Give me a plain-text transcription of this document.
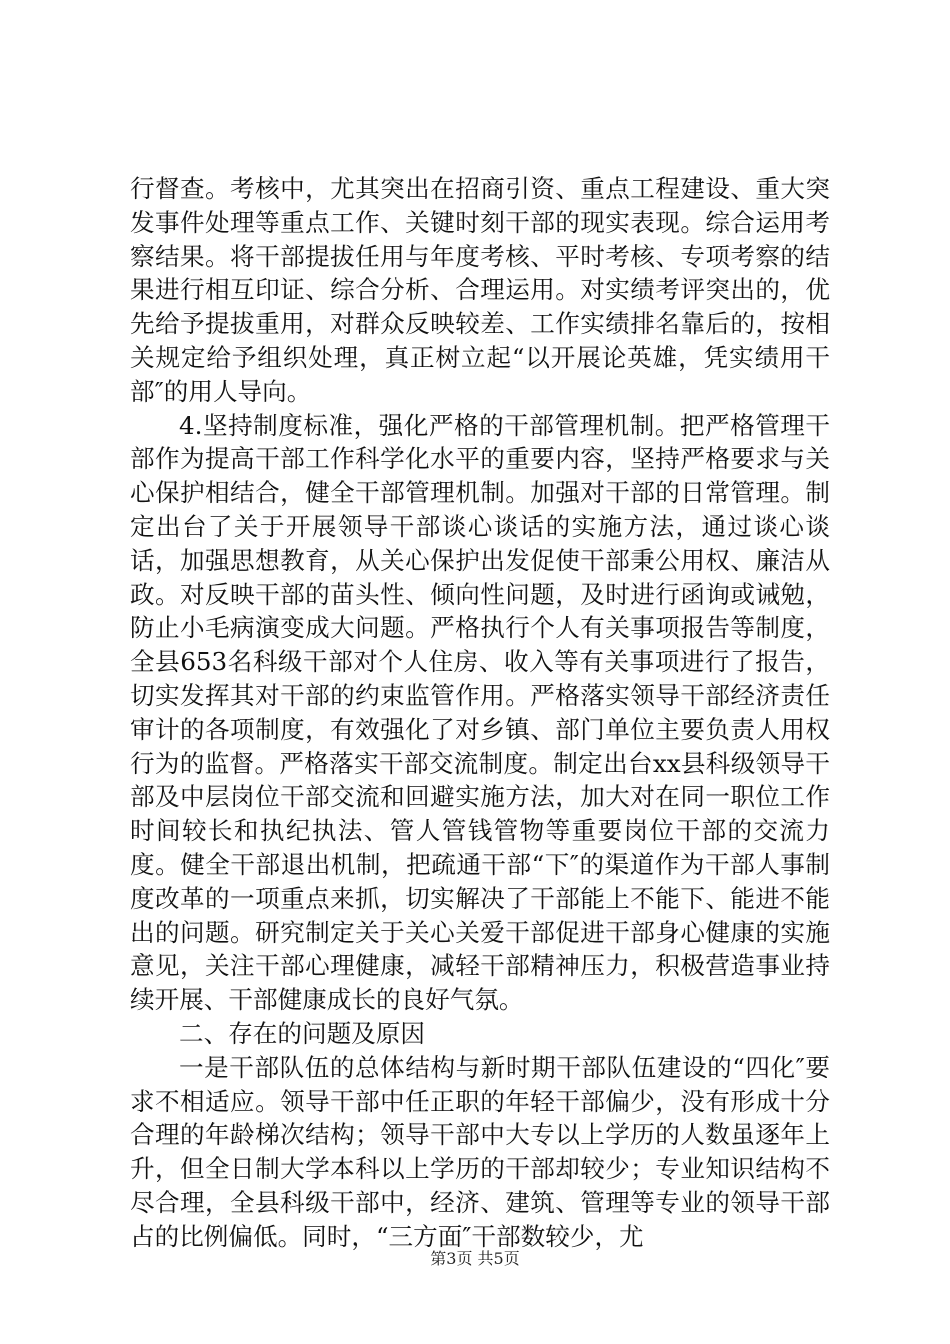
行督查。考核中，尤其突出在招商引资、重点工程建设、重大突发事件处理等重点工作、关键时刻干部的现实表现。综合运用考察结果。将干部提拔任用与年度考核、平时考核、专项考察的结果进行相互印证、综合分析、合理运用。对实绩考评突出的，优先给予提拔重用，对群众反映较差、工作实绩排名靠后的，按相关规定给予组织处理，真正树立起“以开展论英雄，凭实绩用干部″的用人导向。

4.坚持制度标准，强化严格的干部管理机制。把严格管理干部作为提高干部工作科学化水平的重要内容，坚持严格要求与关心保护相结合，健全干部管理机制。加强对干部的日常管理。制定出台了关于开展领导干部谈心谈话的实施方法，通过谈心谈话，加强思想教育，从关心保护出发促使干部秉公用权、廉洁从政。对反映干部的苗头性、倾向性问题，及时进行函询或诫勉，防止小毛病演变成大问题。严格执行个人有关事项报告等制度，全县653名科级干部对个人住房、收入等有关事项进行了报告，切实发挥其对干部的约束监管作用。严格落实领导干部经济责任审计的各项制度，有效强化了对乡镇、部门单位主要负责人用权行为的监督。严格落实干部交流制度。制定出台xx县科级领导干部及中层岗位干部交流和回避实施方法，加大对在同一职位工作时间较长和执纪执法、管人管钱管物等重要岗位干部的交流力度。健全干部退出机制，把疏通干部“下″的渠道作为干部人事制度改革的一项重点来抓，切实解决了干部能上不能下、能进不能出的问题。研究制定关于关心关爱干部促进干部身心健康的实施意见，关注干部心理健康，减轻干部精神压力，积极营造事业持续开展、干部健康成长的良好气氛。

二、存在的问题及原因

一是干部队伍的总体结构与新时期干部队伍建设的“四化″要求不相适应。领导干部中任正职的年轻干部偏少，没有形成十分合理的年龄梯次结构；领导干部中大专以上学历的人数虽逐年上升，但全日制大学本科以上学历的干部却较少；专业知识结构不尽合理，全县科级干部中，经济、建筑、管理等专业的领导干部占的比例偏低。同时，“三方面″干部数较少，尤

第3页 共5页
